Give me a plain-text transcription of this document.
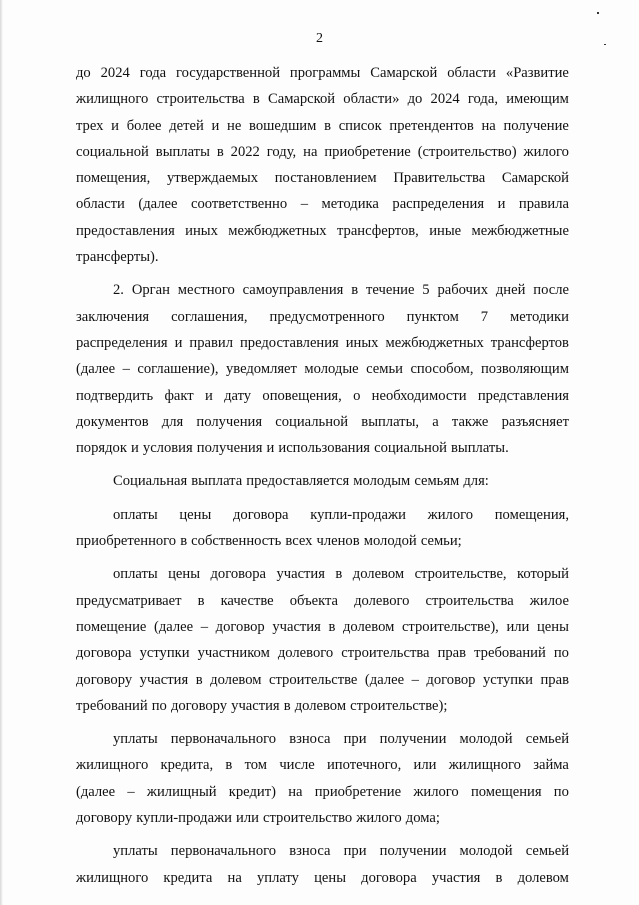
2
до 2024 года государственной программы Самарской области «Развитие
жилищного строительства в Самарской области» до 2024 года, имеющим
трех и более детей и не вошедшим в список претендентов на получение
социальной выплаты в 2022 году, на приобретение (строительство) жилого
помещения, утверждаемых постановлением Правительства Самарской
области (далее соответственно – методика распределения и правила
предоставления иных межбюджетных трансфертов, иные межбюджетные
трансферты).
2. Орган местного самоуправления в течение 5 рабочих дней после
заключения соглашения, предусмотренного пунктом 7 методики
распределения и правил предоставления иных межбюджетных трансфертов
(далее – соглашение), уведомляет молодые семьи способом, позволяющим
подтвердить факт и дату оповещения, о необходимости представления
документов для получения социальной выплаты, а также разъясняет
порядок и условия получения и использования социальной выплаты.
Социальная выплата предоставляется молодым семьям для:
оплаты цены договора купли-продажи жилого помещения,
приобретенного в собственность всех членов молодой семьи;
оплаты цены договора участия в долевом строительстве, который
предусматривает в качестве объекта долевого строительства жилое
помещение (далее – договор участия в долевом строительстве), или цены
договора уступки участником долевого строительства прав требований по
договору участия в долевом строительстве (далее – договор уступки прав
требований по договору участия в долевом строительстве);
уплаты первоначального взноса при получении молодой семьей
жилищного кредита, в том числе ипотечного, или жилищного займа
(далее – жилищный кредит) на приобретение жилого помещения по
договору купли-продажи или строительство жилого дома;
уплаты первоначального взноса при получении молодой семьей
жилищного кредита на уплату цены договора участия в долевом
